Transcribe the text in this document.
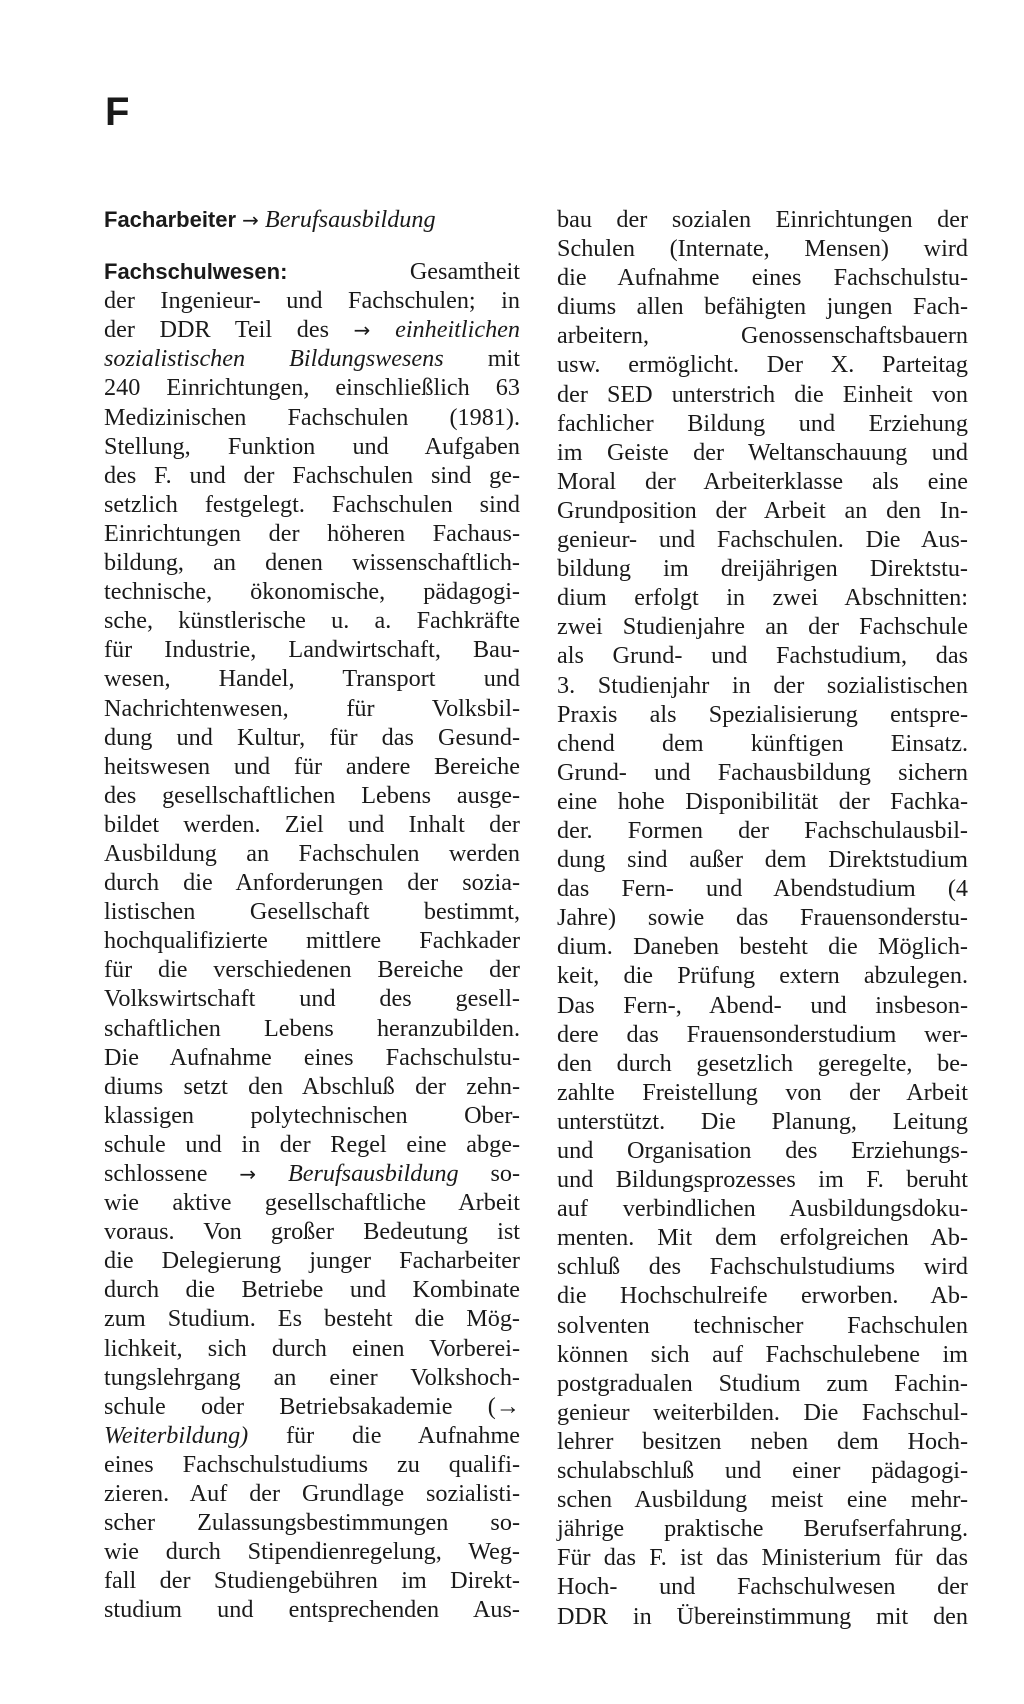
F
Facharbeiter → Berufsausbildung
Fachschulwesen:	Gesamtheit
der Ingenieur- und Fachschulen; in
der DDR Teil des → einheitlichen
sozialistischen Bildungswesens mit
240 Einrichtungen, einschließlich 63
Medizinischen Fachschulen (1981).
Stellung, Funktion und Aufgaben
des F. und der Fachschulen sind ge-
setzlich festgelegt. Fachschulen sind
Einrichtungen der höheren Fachaus-
bildung, an denen wissenschaftlich-
technische, ökonomische, pädagogi-
sche, künstlerische u. a. Fachkräfte
für Industrie, Landwirtschaft, Bau-
wesen, Handel, Transport und
Nachrichtenwesen, für Volksbil-
dung und Kultur, für das Gesund-
heitswesen und für andere Bereiche
des gesellschaftlichen Lebens ausge-
bildet werden. Ziel und Inhalt der
Ausbildung an Fachschulen werden
durch die Anforderungen der sozia-
listischen Gesellschaft bestimmt,
hochqualifizierte mittlere Fachkader
für die verschiedenen Bereiche der
Volkswirtschaft und des gesell-
schaftlichen Lebens heranzubilden.
Die Aufnahme eines Fachschulstu-
diums setzt den Abschluß der zehn-
klassigen polytechnischen Ober-
schule und in der Regel eine abge-
schlossene → Berufsausbildung so-
wie aktive gesellschaftliche Arbeit
voraus. Von großer Bedeutung ist
die Delegierung junger Facharbeiter
durch die Betriebe und Kombinate
zum Studium. Es besteht die Mög-
lichkeit, sich durch einen Vorberei-
tungslehrgang an einer Volkshoch-
schule oder Betriebsakademie (→
Weiterbildung) für die Aufnahme
eines Fachschulstudiums zu qualifi-
zieren. Auf der Grundlage sozialisti-
scher Zulassungsbestimmungen so-
wie durch Stipendienregelung, Weg-
fall der Studiengebühren im Direkt-
studium und entsprechenden Aus-
bau der sozialen Einrichtungen der
Schulen (Internate, Mensen) wird
die Aufnahme eines Fachschulstu-
diums allen befähigten jungen Fach-
arbeitern, Genossenschaftsbauern
usw. ermöglicht. Der X. Parteitag
der SED unterstrich die Einheit von
fachlicher Bildung und Erziehung
im Geiste der Weltanschauung und
Moral der Arbeiterklasse als eine
Grundposition der Arbeit an den In-
genieur- und Fachschulen. Die Aus-
bildung im dreijährigen Direktstu-
dium erfolgt in zwei Abschnitten:
zwei Studienjahre an der Fachschule
als Grund- und Fachstudium, das
3. Studienjahr in der sozialistischen
Praxis als Spezialisierung entspre-
chend dem künftigen Einsatz.
Grund- und Fachausbildung sichern
eine hohe Disponibilität der Fachka-
der. Formen der Fachschulausbil-
dung sind außer dem Direktstudium
das Fern- und Abendstudium (4
Jahre) sowie das Frauensonderstu-
dium. Daneben besteht die Möglich-
keit, die Prüfung extern abzulegen.
Das Fern-, Abend- und insbeson-
dere das Frauensonderstudium wer-
den durch gesetzlich geregelte, be-
zahlte Freistellung von der Arbeit
unterstützt. Die Planung, Leitung
und Organisation des Erziehungs-
und Bildungsprozesses im F. beruht
auf verbindlichen Ausbildungsdoku-
menten. Mit dem erfolgreichen Ab-
schluß des Fachschulstudiums wird
die Hochschulreife erworben. Ab-
solventen technischer Fachschulen
können sich auf Fachschulebene im
postgradualen Studium zum Fachin-
genieur weiterbilden. Die Fachschul-
lehrer besitzen neben dem Hoch-
schulabschluß und einer pädagogi-
schen Ausbildung meist eine mehr-
jährige praktische Berufserfahrung.
Für das F. ist das Ministerium für das
Hoch- und Fachschulwesen der
DDR in Übereinstimmung mit den
